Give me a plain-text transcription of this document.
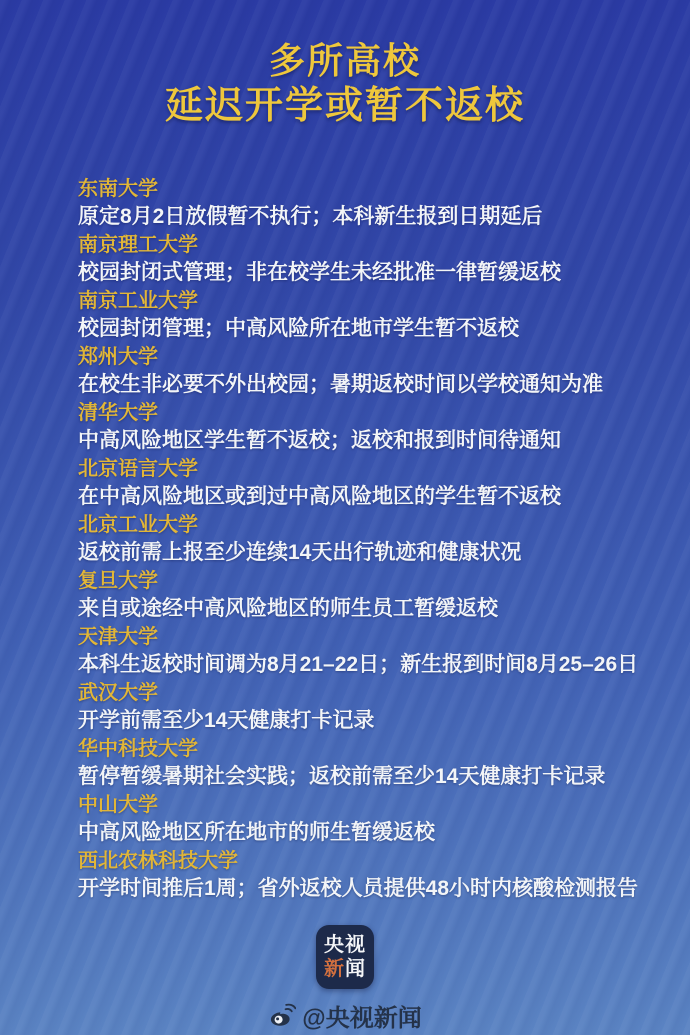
多所高校
延迟开学或暂不返校
东南大学
原定8月2日放假暂不执行；本科新生报到日期延后
南京理工大学
校园封闭式管理；非在校学生未经批准一律暂缓返校
南京工业大学
校园封闭管理；中高风险所在地市学生暂不返校
郑州大学
在校生非必要不外出校园；暑期返校时间以学校通知为准
清华大学
中高风险地区学生暂不返校；返校和报到时间待通知
北京语言大学
在中高风险地区或到过中高风险地区的学生暂不返校
北京工业大学
返校前需上报至少连续14天出行轨迹和健康状况
复旦大学
来自或途经中高风险地区的师生员工暂缓返校
天津大学
本科生返校时间调为8月21–22日；新生报到时间8月25–26日
武汉大学
开学前需至少14天健康打卡记录
华中科技大学
暂停暂缓暑期社会实践；返校前需至少14天健康打卡记录
中山大学
中高风险地区所在地市的师生暂缓返校
西北农林科技大学
开学时间推后1周；省外返校人员提供48小时内核酸检测报告
央视
新闻
@央视新闻
